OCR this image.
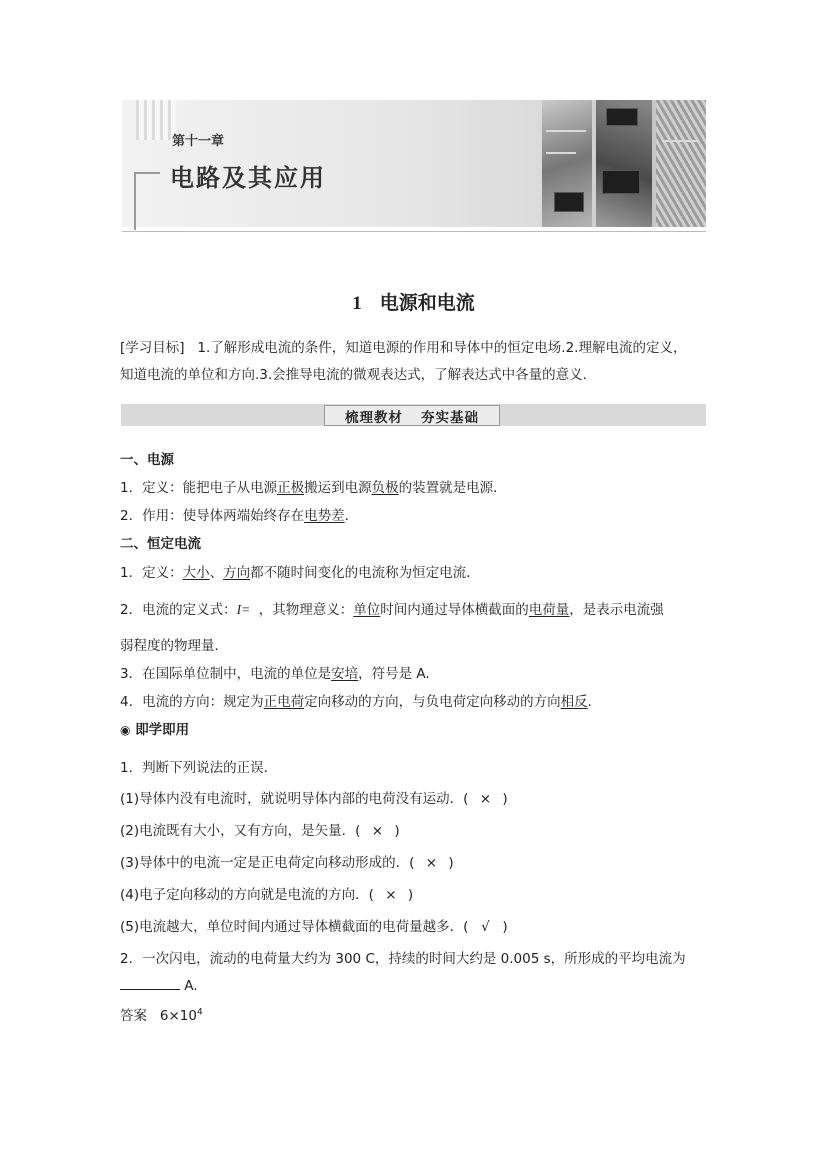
第十一章
电路及其应用
1 电源和电流
[学习目标] 1.了解形成电流的条件，知道电源的作用和导体中的恒定电场.2.理解电流的定义，
知道电流的单位和方向.3.会推导电流的微观表达式，了解表达式中各量的意义.
梳理教材 夯实基础
一、电源
1．定义：能把电子从电源正极搬运到电源负极的装置就是电源．
2．作用：使导体两端始终存在电势差．
二、恒定电流
1．定义：大小、方向都不随时间变化的电流称为恒定电流．
2．电流的定义式：I= ，其物理意义：单位时间内通过导体横截面的电荷量，是表示电流强
弱程度的物理量．
3．在国际单位制中，电流的单位是安培，符号是 A.
4．电流的方向：规定为正电荷定向移动的方向，与负电荷定向移动的方向相反．
◉ 即学即用
1．判断下列说法的正误．
(1)导体内没有电流时，就说明导体内部的电荷没有运动．( × )
(2)电流既有大小，又有方向，是矢量．( × )
(3)导体中的电流一定是正电荷定向移动形成的．( × )
(4)电子定向移动的方向就是电流的方向．( × )
(5)电流越大，单位时间内通过导体横截面的电荷量越多．( √ )
2．一次闪电，流动的电荷量大约为 300 C，持续的时间大约是 0.005 s，所形成的平均电流为
A.
答案 $6\times 10^4$
